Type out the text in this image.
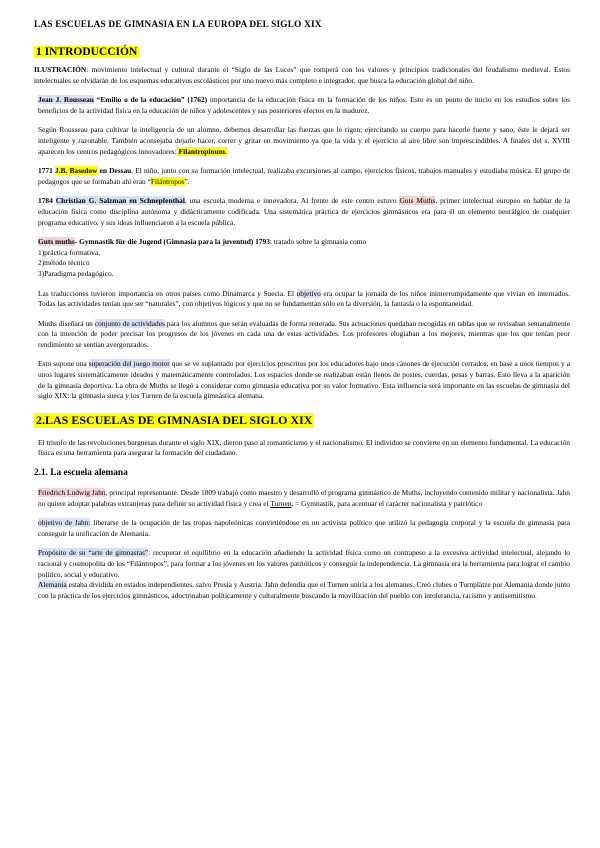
LAS ESCUELAS DE GIMNASIA EN LA EUROPA DEL SIGLO XIX
1 INTRODUCCIÓN

ILUSTRACIÓN: movimiento intelectual y cultural durante el “Siglo de las Luces” que romperá con los valores y principios tradicionales del feudalismo medieval. Estos intelectuales se olvidarán de los esquemas educativos escolásticos por uno nuevo más completo e integrador, que busca la educación global del niño.

Jean J. Rousseau “Emilio o de la educación” (1762) importancia de la educación física en la formación de los niños. Esto es un punto de inicio en los estudios sobre los beneficios de la actividad física en la educación de niños y adolescentes y sus posteriores efectos en la madurez.

Según Rousseau para cultivar la inteligencia de un alumno, debemos desarrollar las fuerzas que le rigen; ejercitando su cuerpo para hacerle fuerte y sano, éste le dejará ser inteligente y razonable. También aconsejaba dejarle hacer, correr y gritar en movimiento ya que la vida y el ejercicio al aire libre son imprescindibles. A finales del s. XVIII aparecen los centros pedagógicos innovadores: Filantropinum.

1771 J.B. Basedow en Dessau. El niño, junto con su formación intelectual, realizaba excursiones al campo, ejercicios físicos, trabajos manuales y estudiaba música. El grupo de pedagogos que se formaban ahí eran “Filántropos”.

1784 Christian G. Salzman en Schnepfenthal, una escuela moderna e innovadora. Al frente de este centro estuvo Guts Muths, primer intelectual europeo en hablar de la educación física como disciplina autónoma y didácticamente codificada. Una sistemática práctica de ejercicios gimnásticos era para él un elemento neurálgico de cualquier programa educativo, y sus ideas influenciaron a la escuela pública.

Guts muths- Gymnastik für die Jugend (Gimnasia para la juventud) 1793: tratado sobre la gimnasia como

1)práctica formativa,
2)método técnico
3)Paradigma pedagógico.

Las traducciones tuvieron importancia en otros países como Dinamarca y Suecia. El objetivo era ocupar la jornada de los niños ininterrumpidamente que vivían en internados. Todas las actividades tenían que ser “naturales”, con objetivos lógicos y que no se fundamentan sólo en la diversión, la fantasía o la espontaneidad.

Muths diseñará un conjunto de actividades para los alumnos que serán evaluadas de forma reiterada. Sus actuaciones quedaban recogidas en tablas que se revisaban semanalmente con la intención de poder precisar los progresos de los jóvenes en cada una de estas actividades. Los profesores elogiaban a los mejores, mientras que los que tenían peor rendimiento se sentían avergonzados.

Esto supone una superación del juego motor que se ve suplantado por ejercicios prescritos por los educadores bajo unos cánones de ejecución cerrados, en base a unos tiempos y a unos lugares sistemáticamente ideados y matemáticamente controlados. Los espacios donde se realizaban están llenos de postes, cuerdas, pesas y barras. Esto lleva a la aparición de la gimnasia deportiva. La obra de Muths se llegó a considerar como gimnasia educativa por su valor formativo. Esta influencia será importante en las escuelas de gimnasia del siglo XIX: la gimnasia sueca y los Turnen de la escuela gimnástica alemana.

2.LAS ESCUELAS DE GIMNASIA DEL SIGLO XIX

El triunfo de las revoluciones burguesas durante el siglo XIX, dieron paso al romanticismo y el nacionalismo. El individuo se convierte en un elemento fundamental. La educación física es una herramienta para asegurar la formación del ciudadano.

2.1. La escuela alemana

Friedrich Ludwig Jahn, principal representante. Desde 1809 trabajó como maestro y desarrolló el programa gimnástico de Muths, incluyendo contenido militar y nacionalista. Jahn no quiere adoptar palabras extranjeras para definir su actividad física y crea el Turnen, = Gymnastik, para acentuar el carácter nacionalista y patriótico

objetivo de Jahn: liberarse de la ocupación de las tropas napoleónicas convirtiéndose en un activista político que utilizó la pedagogía corporal y la escuela de gimnasia para conseguir la unificación de Alemania.

Propósito de su “arte de gimnastas”: recuperar el equilibrio en la educación añadiendo la actividad física como un contrapeso a la excesiva actividad intelectual, alejando lo racional y cosmopolita de los “Filántropos”, para formar a los jóvenes en los valores patrióticos y conseguir la independencia. La gimnasia era la herramienta para lograr el cambio político, social y educativo.

Alemania estaba dividida en estados independientes, salvo Prusia y Austria. Jahn defendía que el Turnen uniría a los alemanes. Creó clubes o Turnplätze por Alemania donde junto con la práctica de los ejercicios gimnásticos, adoctrinaban políticamente y culturalmente buscando la movilización del pueblo con intolerancia, racismo y antisemitismo.
